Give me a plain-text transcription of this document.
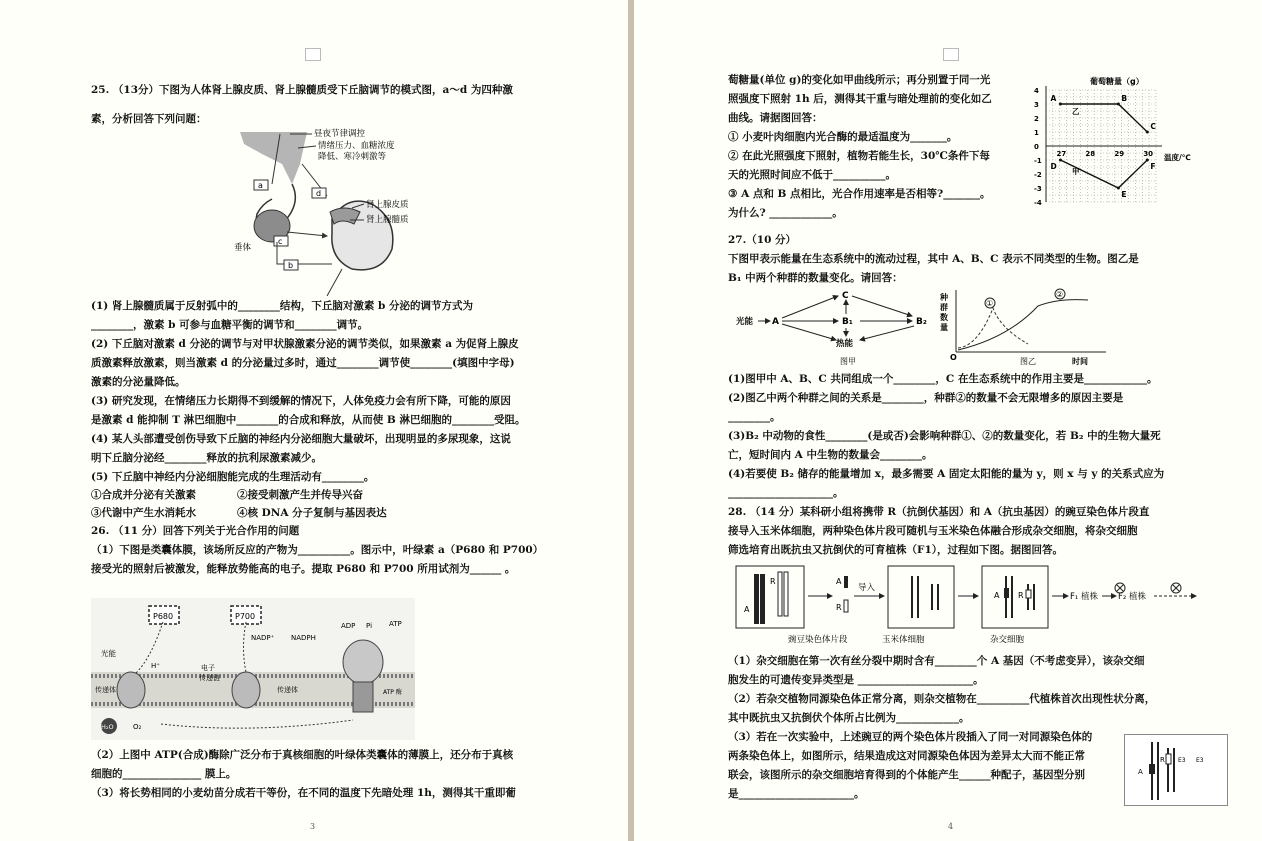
25. （13分）下图为人体肾上腺皮质、肾上腺髓质受下丘脑调节的模式图，a～d 为四种激
素，分析回答下列问题：
昼夜节律调控
情绪压力、血糖浓度
降低、寒冷刺激等
a
d
肾上腺皮质
肾上腺髓质
垂体
c
b
(1) 肾上腺髓质属于反射弧中的________结构，下丘脑对激素 b 分泌的调节方式为
________，激素 b 可参与血糖平衡的调节和________调节。
(2) 下丘脑对激素 d 分泌的调节与对甲状腺激素分泌的调节类似，如果激素 a 为促肾上腺皮
质激素释放激素，则当激素 d 的分泌量过多时，通过________调节使________(填图中字母)
激素的分泌量降低。
(3) 研究发现，在情绪压力长期得不到缓解的情况下，人体免疫力会有所下降，可能的原因
是激素 d 能抑制 T 淋巴细胞中________的合成和释放，从而使 B 淋巴细胞的________受阻。
(4) 某人头部遭受创伤导致下丘脑的神经内分泌细胞大量破坏，出现明显的多尿现象，这说
明下丘脑分泌经________释放的抗利尿激素减少。
(5) 下丘脑中神经内分泌细胞能完成的生理活动有________。
①合成并分泌有关激素	②接受刺激产生并传导兴奋
③代谢中产生水消耗水	④核 DNA 分子复制与基因表达
26. （11 分）回答下列关于光合作用的问题
（1）下图是类囊体膜，该场所反应的产物为__________。图示中，叶绿素 a（P680 和 P700）
接受光的照射后被激发，能释放势能高的电子。提取 P680 和 P700 所用试剂为______ 。
P680	P700
光能
H⁺
NADP⁺ NADPH
ADP Pi ATP
电子
传递链
传递体	传递体
H₂O	O₂
ATP 酶
（2）上图中 ATP(合成)酶除广泛分布于真核细胞的叶绿体类囊体的薄膜上，还分布于真核
细胞的_______________ 膜上。
（3）将长势相同的小麦幼苗分成若干等份，在不同的温度下先暗处理 1h，测得其干重即葡
3
萄糖量(单位 g)的变化如甲曲线所示；再分别置于同一光
照强度下照射 1h 后，测得其干重与暗处理前的变化如乙
曲线。请据图回答：
① 小麦叶肉细胞内光合酶的最适温度为_______。
② 在此光照强度下照射，植物若能生长，30℃条件下每
天的光照时间应不低于__________。
③ A 点和 B 点相比，光合作用速率是否相等?_______。
为什么? ____________。
葡萄糖量（g）
4
3
2
1
0
-1
-2
-3
-4
27	28	29	30
A	B
C
乙
D
E
F
甲
温度/℃
27.（10 分）
下图甲表示能量在生态系统中的流动过程，其中 A、B、C 表示不同类型的生物。图乙是
B₁ 中两个种群的数量变化。请回答：
光能 A
C
B₁	B₂
热能
图甲
种
群
数
量
O
①
②
图乙	时间
(1)图甲中 A、B、C 共同组成一个________，C 在生态系统中的作用主要是____________。
(2)图乙中两个种群之间的关系是________，种群②的数量不会无限增多的原因主要是
________。
(3)B₂ 中动物的食性________(是或否)会影响种群①、②的数量变化，若 B₂ 中的生物大量死
亡，短时间内 A 中生物的数量会________。
(4)若要使 B₂ 储存的能量增加 x，最多需要 A 固定太阳能的量为 y，则 x 与 y 的关系式应为
____________________。
28. （14 分）某科研小组将携带 R（抗倒伏基因）和 A（抗虫基因）的豌豆染色体片段直
接导入玉米体细胞，两种染色体片段可随机与玉米染色体融合形成杂交细胞，将杂交细胞
筛选培育出既抗虫又抗倒伏的可育植株（F1），过程如下图。据图回答。
A
R	A
R
导入
A R	F₁ 植株 F₂ 植株
豌豆染色体片段	玉米体细胞	杂交细胞
（1）杂交细胞在第一次有丝分裂中期时含有________个 A 基因（不考虑变异），该杂交细
胞发生的可遗传变异类型是 ______________________。
（2）若杂交植物同源染色体正常分离，则杂交植物在__________代植株首次出现性状分离，
其中既抗虫又抗倒伏个体所占比例为____________。
（3）若在一次实验中，上述豌豆的两个染色体片段插入了同一对同源染色体的
两条染色体上，如图所示，结果造成这对同源染色体因为差异太大而不能正常
联会，该图所示的杂交细胞培育得到的个体能产生______种配子，基因型分别
是______________________。
A
R E3 E3
4
